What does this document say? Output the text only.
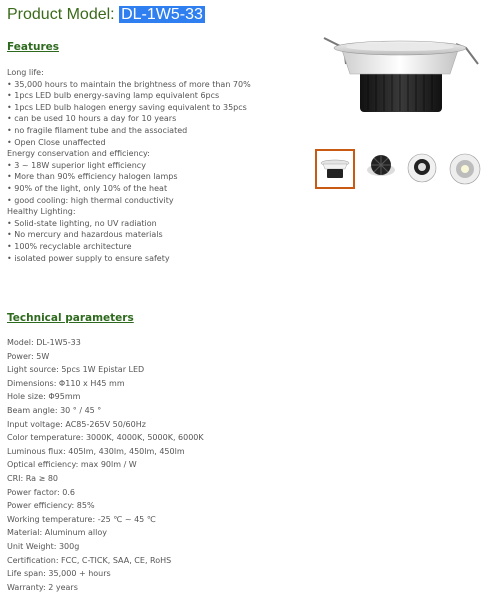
Product Model: DL-1W5-33
Features
Long life:
• 35,000 hours to maintain the brightness of more than 70%
• 1pcs LED bulb energy-saving lamp equivalent 6pcs
• 1pcs LED bulb halogen energy saving equivalent to 35pcs
• can be used 10 hours a day for 10 years
• no fragile filament tube and the associated
• Open Close unaffected
Energy conservation and efficiency:
• 3 ~ 18W superior light efficiency
• More than 90% efficiency halogen lamps
• 90% of the light, only 10% of the heat
• good cooling: high thermal conductivity
Healthy Lighting:
• Solid-state lighting, no UV radiation
• No mercury and hazardous materials
• 100% recyclable architecture
• isolated power supply to ensure safety
Technical parameters
Model: DL-1W5-33
Power: 5W
Light source: 5pcs 1W Epistar LED
Dimensions: Φ110 x H45 mm
Hole size: Φ95mm
Beam angle: 30 ° / 45 °
Input voltage: AC85-265V 50/60Hz
Color temperature: 3000K, 4000K, 5000K, 6000K
Luminous flux: 405lm, 430lm, 450lm, 450lm
Optical efficiency: max 90lm / W
CRI: Ra ≥ 80
Power factor: 0.6
Power efficiency: 85%
Working temperature: -25 ℃ ~ 45 ℃
Material: Aluminum alloy
Unit Weight: 300g
Certification: FCC, C-TICK, SAA, CE, RoHS
Life span: 35,000 + hours
Warranty: 2 years
